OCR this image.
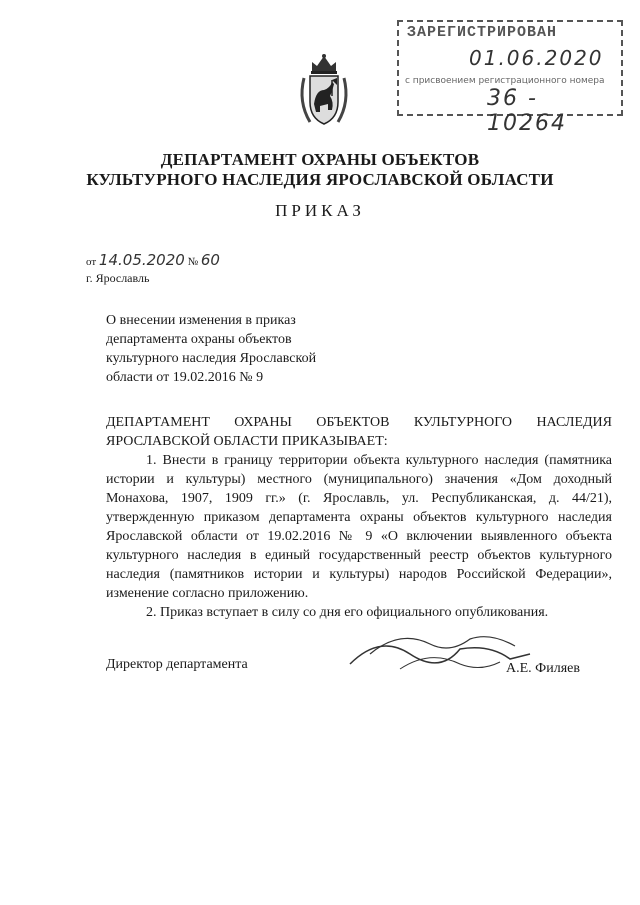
ЗАРЕГИСТРИРОВАН
01.06.2020
с присвоением регистрационного номера
36 - 10264
ДЕПАРТАМЕНТ ОХРАНЫ ОБЪЕКТОВ
КУЛЬТУРНОГО НАСЛЕДИЯ ЯРОСЛАВСКОЙ ОБЛАСТИ
ПРИКАЗ
от 14.05.2020 № 60
г. Ярославль
О внесении изменения в приказ
департамента охраны объектов
культурного наследия Ярославской
области от 19.02.2016 № 9

ДЕПАРТАМЕНТ ОХРАНЫ ОБЪЕКТОВ КУЛЬТУРНОГО НАСЛЕДИЯ ЯРОСЛАВСКОЙ ОБЛАСТИ ПРИКАЗЫВАЕТ:

1. Внести в границу территории объекта культурного наследия (памятника истории и культуры) местного (муниципального) значения «Дом доходный Монахова, 1907, 1909 гг.» (г. Ярославль, ул. Республиканская, д. 44/21), утвержденную приказом департамента охраны объектов культурного наследия Ярославской области от 19.02.2016 № 9 «О включении выявленного объекта культурного наследия в единый государственный реестр объектов культурного наследия (памятников истории и культуры) народов Российской Федерации», изменение согласно приложению.

2. Приказ вступает в силу со дня его официального опубликования.

Директор департамента	А.Е. Филяев
